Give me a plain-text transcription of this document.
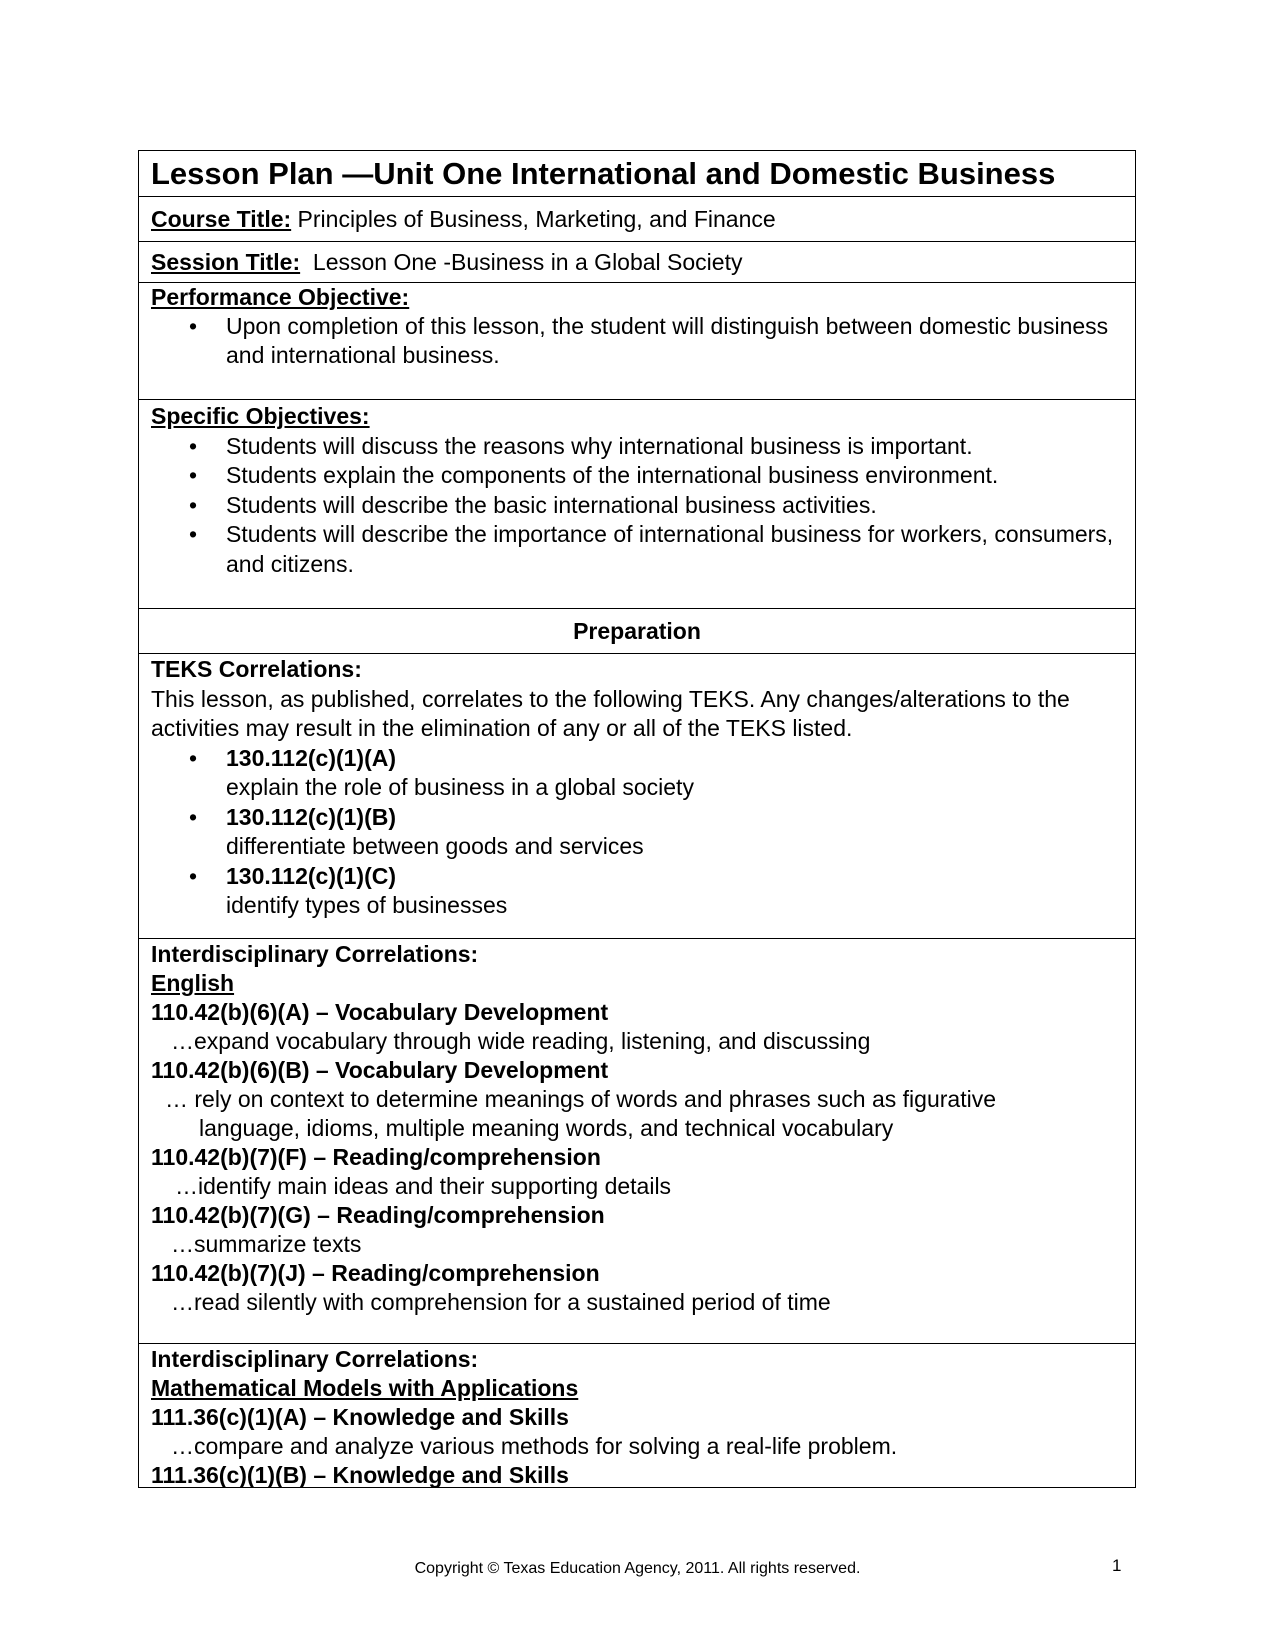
Lesson Plan —Unit One International and Domestic Business
Course Title:
Principles of Business, Marketing, and Finance
Session Title:
Lesson One -Business in a Global Society
Performance Objective:
• Upon completion of this lesson, the student will distinguish between domestic business and international business.
Specific Objectives:
• Students will discuss the reasons why international business is important.
• Students explain the components of the international business environment.
• Students will describe the basic international business activities.
• Students will describe the importance of international business for workers, consumers, and citizens.
Preparation
TEKS Correlations:
This lesson, as published, correlates to the following TEKS. Any changes/alterations to the activities may result in the elimination of any or all of the TEKS listed.
• 130.112(c)(1)(A)
explain the role of business in a global society
• 130.112(c)(1)(B)
differentiate between goods and services
• 130.112(c)(1)(C)
identify types of businesses
Interdisciplinary Correlations:
English
110.42(b)(6)(A) – Vocabulary Development
…expand vocabulary through wide reading, listening, and discussing
110.42(b)(6)(B) – Vocabulary Development
… rely on context to determine meanings of words and phrases such as figurative
language, idioms, multiple meaning words, and technical vocabulary
110.42(b)(7)(F) – Reading/comprehension
…identify main ideas and their supporting details
110.42(b)(7)(G) – Reading/comprehension
…summarize texts
110.42(b)(7)(J) – Reading/comprehension
…read silently with comprehension for a sustained period of time
Interdisciplinary Correlations:
Mathematical Models with Applications
111.36(c)(1)(A) – Knowledge and Skills
…compare and analyze various methods for solving a real-life problem.
111.36(c)(1)(B) – Knowledge and Skills
Copyright © Texas Education Agency, 2011. All rights reserved.	1
